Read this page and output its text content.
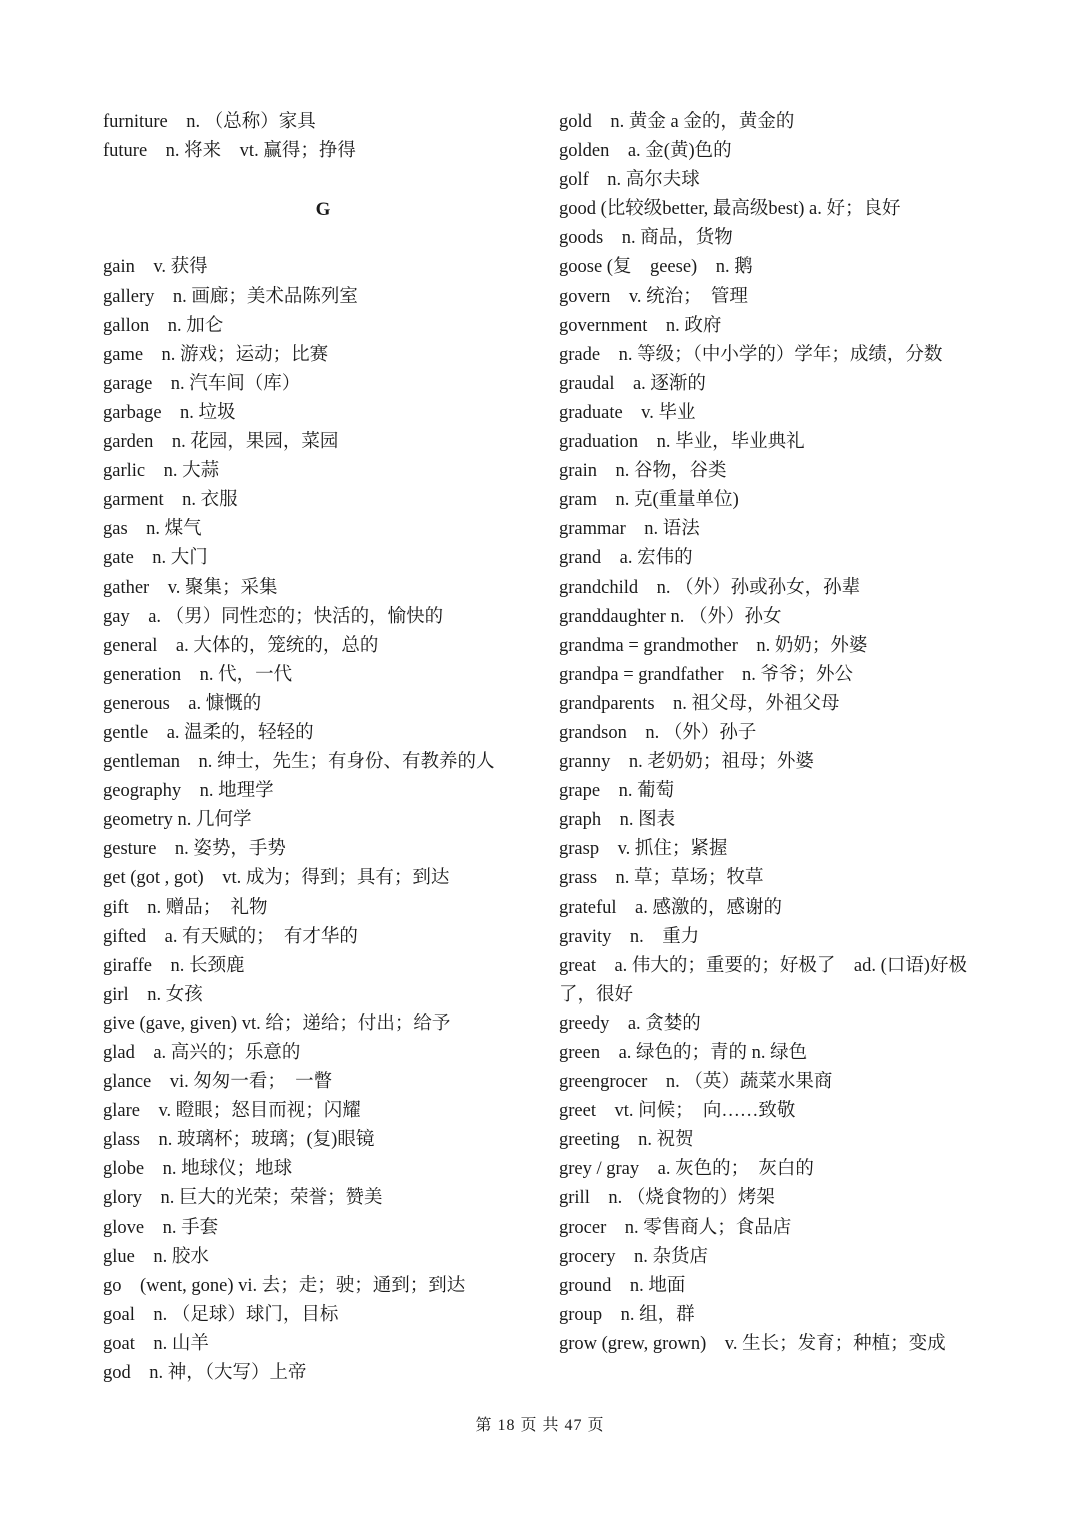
furniture　n. （总称）家具
future　n. 将来　vt. 赢得；挣得
G
gain　v. 获得
gallery　n. 画廊；美术品陈列室
gallon　n. 加仑
game　n. 游戏；运动；比赛
garage　n. 汽车间（库）
garbage　n. 垃圾
garden　n. 花园，果园，菜园
garlic　n. 大蒜
garment　n. 衣服
gas　n. 煤气
gate　n. 大门
gather　v. 聚集；采集
gay　a. （男）同性恋的；快活的，愉快的
general　a. 大体的，笼统的，总的
generation　n. 代，一代
generous　a. 慷慨的
gentle　a. 温柔的，轻轻的
gentleman　n. 绅士，先生；有身份、有教养的人
geography　n. 地理学
geometry n. 几何学
gesture　n. 姿势，手势
get (got , got)　vt. 成为；得到；具有；到达
gift　n. 赠品；　礼物
gifted　a. 有天赋的；　有才华的
giraffe　n. 长颈鹿
girl　n. 女孩
give (gave, given) vt. 给；递给；付出；给予
glad　a. 高兴的；乐意的
glance　vi. 匆匆一看；　一瞥
glare　v. 瞪眼；怒目而视；闪耀
glass　n. 玻璃杯；玻璃；(复)眼镜
globe　n. 地球仪；地球
glory　n. 巨大的光荣；荣誉；赞美
glove　n. 手套
glue　n. 胶水
go　(went, gone) vi. 去；走；驶；通到；到达
goal　n. （足球）球门，目标
goat　n. 山羊
god　n. 神，（大写）上帝
gold　n. 黄金 a 金的，黄金的
golden　a. 金(黄)色的
golf　n. 高尔夫球
good (比较级better, 最高级best) a. 好；良好
goods　n. 商品，货物
goose (复　geese)　n. 鹅
govern　v. 统治；　管理
government　n. 政府
grade　n. 等级；（中小学的）学年；成绩，分数
graudal　a. 逐渐的
graduate　v. 毕业
graduation　n. 毕业，毕业典礼
grain　n. 谷物，谷类
gram　n. 克(重量单位)
grammar　n. 语法
grand　a. 宏伟的
grandchild　n. （外）孙或孙女，孙辈
granddaughter n. （外）孙女
grandma = grandmother　n. 奶奶；外婆
grandpa = grandfather　n. 爷爷；外公
grandparents　n. 祖父母，外祖父母
grandson　n. （外）孙子
granny　n. 老奶奶；祖母；外婆
grape　n. 葡萄
graph　n. 图表
grasp　v. 抓住；紧握
grass　n. 草；草场；牧草
grateful　a. 感激的，感谢的
gravity　n.　重力
great　a. 伟大的；重要的；好极了　ad. (口语)好极了，很好
greedy　a. 贪婪的
green　a. 绿色的；青的 n. 绿色
greengrocer　n. （英）蔬菜水果商
greet　vt. 问候；　向……致敬
greeting　n. 祝贺
grey / gray　a. 灰色的；　灰白的
grill　n. （烧食物的）烤架
grocer　n. 零售商人；食品店
grocery　n. 杂货店
ground　n. 地面
group　n. 组，群
grow (grew, grown)　v. 生长；发育；种植；变成
第 18 页 共 47 页
